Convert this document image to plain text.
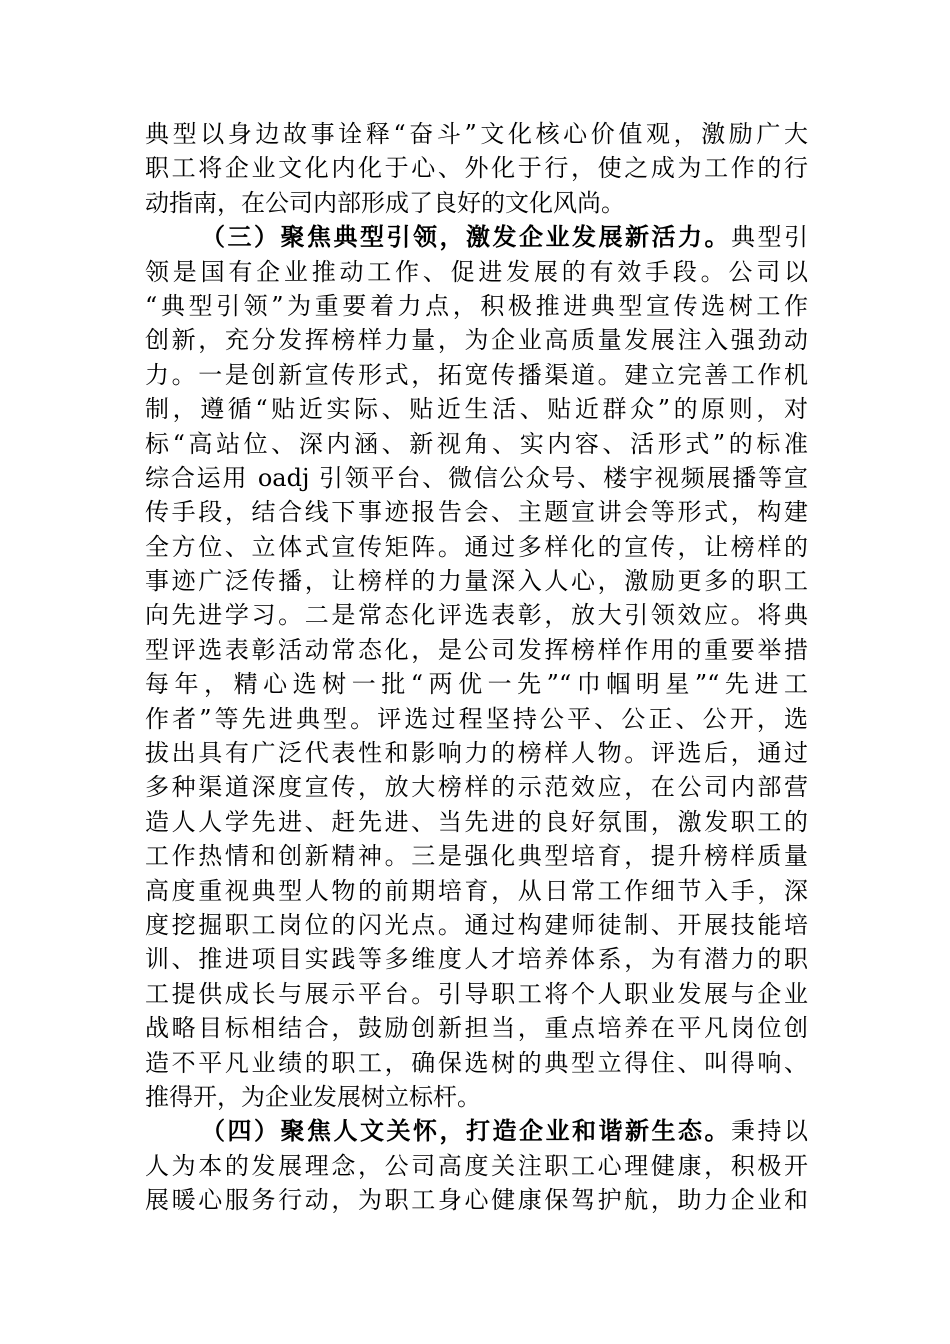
典型以身边故事诠释“奋斗”文化核心价值观，激励广大
职工将企业文化内化于心、外化于行，使之成为工作的行
动指南，在公司内部形成了良好的文化风尚。
（三）聚焦典型引领，激发企业发展新活力。典型引
领是国有企业推动工作、促进发展的有效手段。公司以
“典型引领”为重要着力点，积极推进典型宣传选树工作
创新，充分发挥榜样力量，为企业高质量发展注入强劲动
力。一是创新宣传形式，拓宽传播渠道。建立完善工作机
制，遵循“贴近实际、贴近生活、贴近群众”的原则，对
标“高站位、深内涵、新视角、实内容、活形式”的标准
综合运用 oadj 引领平台、微信公众号、楼宇视频展播等宣
传手段，结合线下事迹报告会、主题宣讲会等形式，构建
全方位、立体式宣传矩阵。通过多样化的宣传，让榜样的
事迹广泛传播，让榜样的力量深入人心，激励更多的职工
向先进学习。二是常态化评选表彰，放大引领效应。将典
型评选表彰活动常态化，是公司发挥榜样作用的重要举措
每年，精心选树一批“两优一先”“巾帼明星”“先进工
作者”等先进典型。评选过程坚持公平、公正、公开，选
拔出具有广泛代表性和影响力的榜样人物。评选后，通过
多种渠道深度宣传，放大榜样的示范效应，在公司内部营
造人人学先进、赶先进、当先进的良好氛围，激发职工的
工作热情和创新精神。三是强化典型培育，提升榜样质量
高度重视典型人物的前期培育，从日常工作细节入手，深
度挖掘职工岗位的闪光点。通过构建师徒制、开展技能培
训、推进项目实践等多维度人才培养体系，为有潜力的职
工提供成长与展示平台。引导职工将个人职业发展与企业
战略目标相结合，鼓励创新担当，重点培养在平凡岗位创
造不平凡业绩的职工，确保选树的典型立得住、叫得响、
推得开，为企业发展树立标杆。
（四）聚焦人文关怀，打造企业和谐新生态。秉持以
人为本的发展理念，公司高度关注职工心理健康，积极开
展暖心服务行动，为职工身心健康保驾护航，助力企业和
